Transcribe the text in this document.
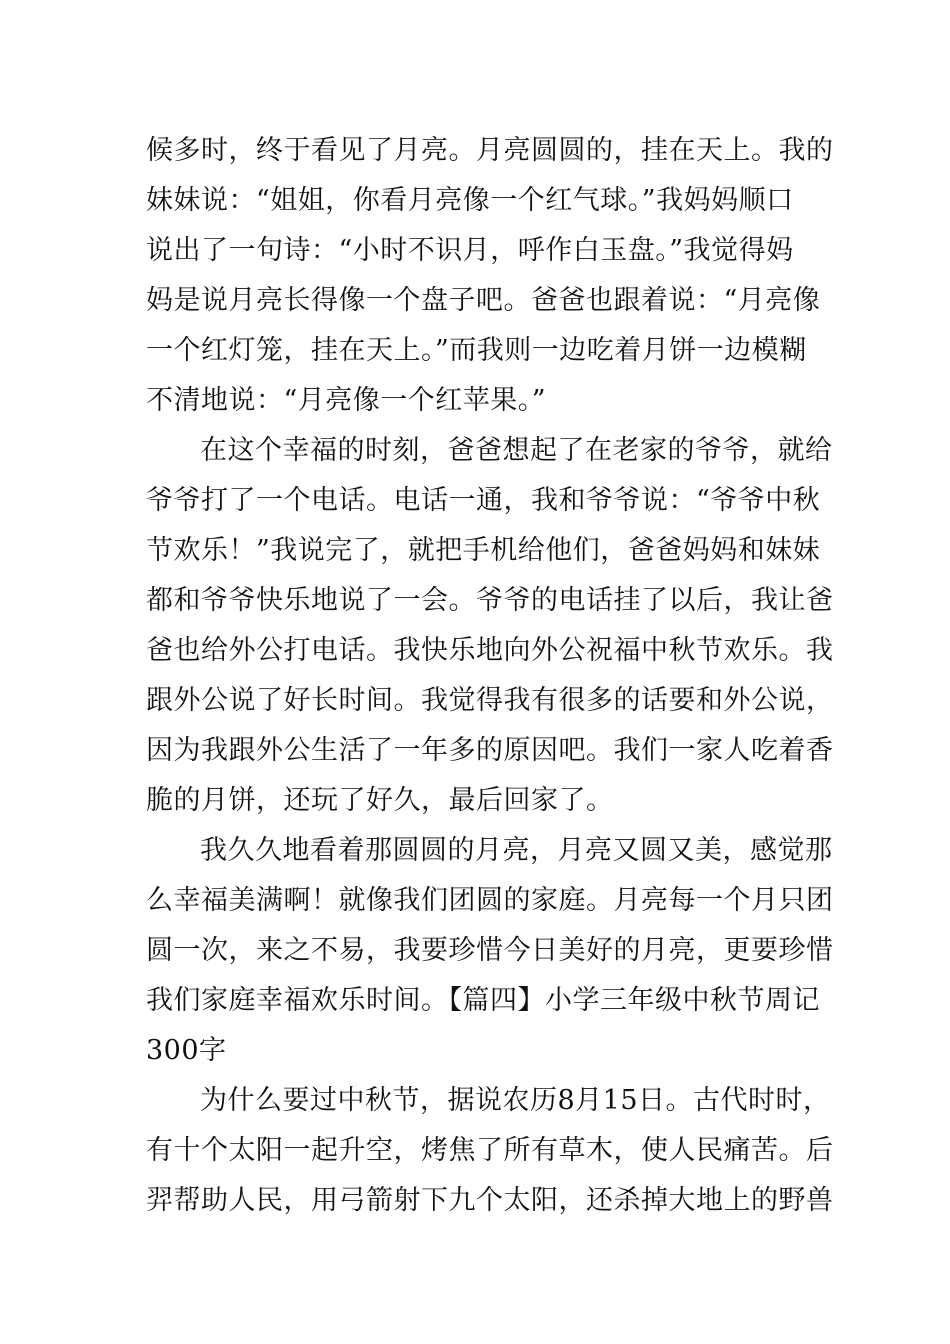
候多时，终于看见了月亮。月亮圆圆的，挂在天上。我的
妹妹说：“姐姐，你看月亮像一个红气球。”我妈妈顺口
说出了一句诗：“小时不识月，呼作白玉盘。”我觉得妈
妈是说月亮长得像一个盘子吧。爸爸也跟着说：“月亮像
一个红灯笼，挂在天上。”而我则一边吃着月饼一边模糊
不清地说：“月亮像一个红苹果。”
在这个幸福的时刻，爸爸想起了在老家的爷爷，就给
爷爷打了一个电话。电话一通，我和爷爷说：“爷爷中秋
节欢乐！”我说完了，就把手机给他们，爸爸妈妈和妹妹
都和爷爷快乐地说了一会。爷爷的电话挂了以后，我让爸
爸也给外公打电话。我快乐地向外公祝福中秋节欢乐。我
跟外公说了好长时间。我觉得我有很多的话要和外公说，
因为我跟外公生活了一年多的原因吧。我们一家人吃着香
脆的月饼，还玩了好久，最后回家了。
我久久地看着那圆圆的月亮，月亮又圆又美，感觉那
么幸福美满啊！就像我们团圆的家庭。月亮每一个月只团
圆一次，来之不易，我要珍惜今日美好的月亮，更要珍惜
我们家庭幸福欢乐时间。【篇四】小学三年级中秋节周记
300字
为什么要过中秋节，据说农历8月15日。古代时时，
有十个太阳一起升空，烤焦了所有草木，使人民痛苦。后
羿帮助人民，用弓箭射下九个太阳，还杀掉大地上的野兽
